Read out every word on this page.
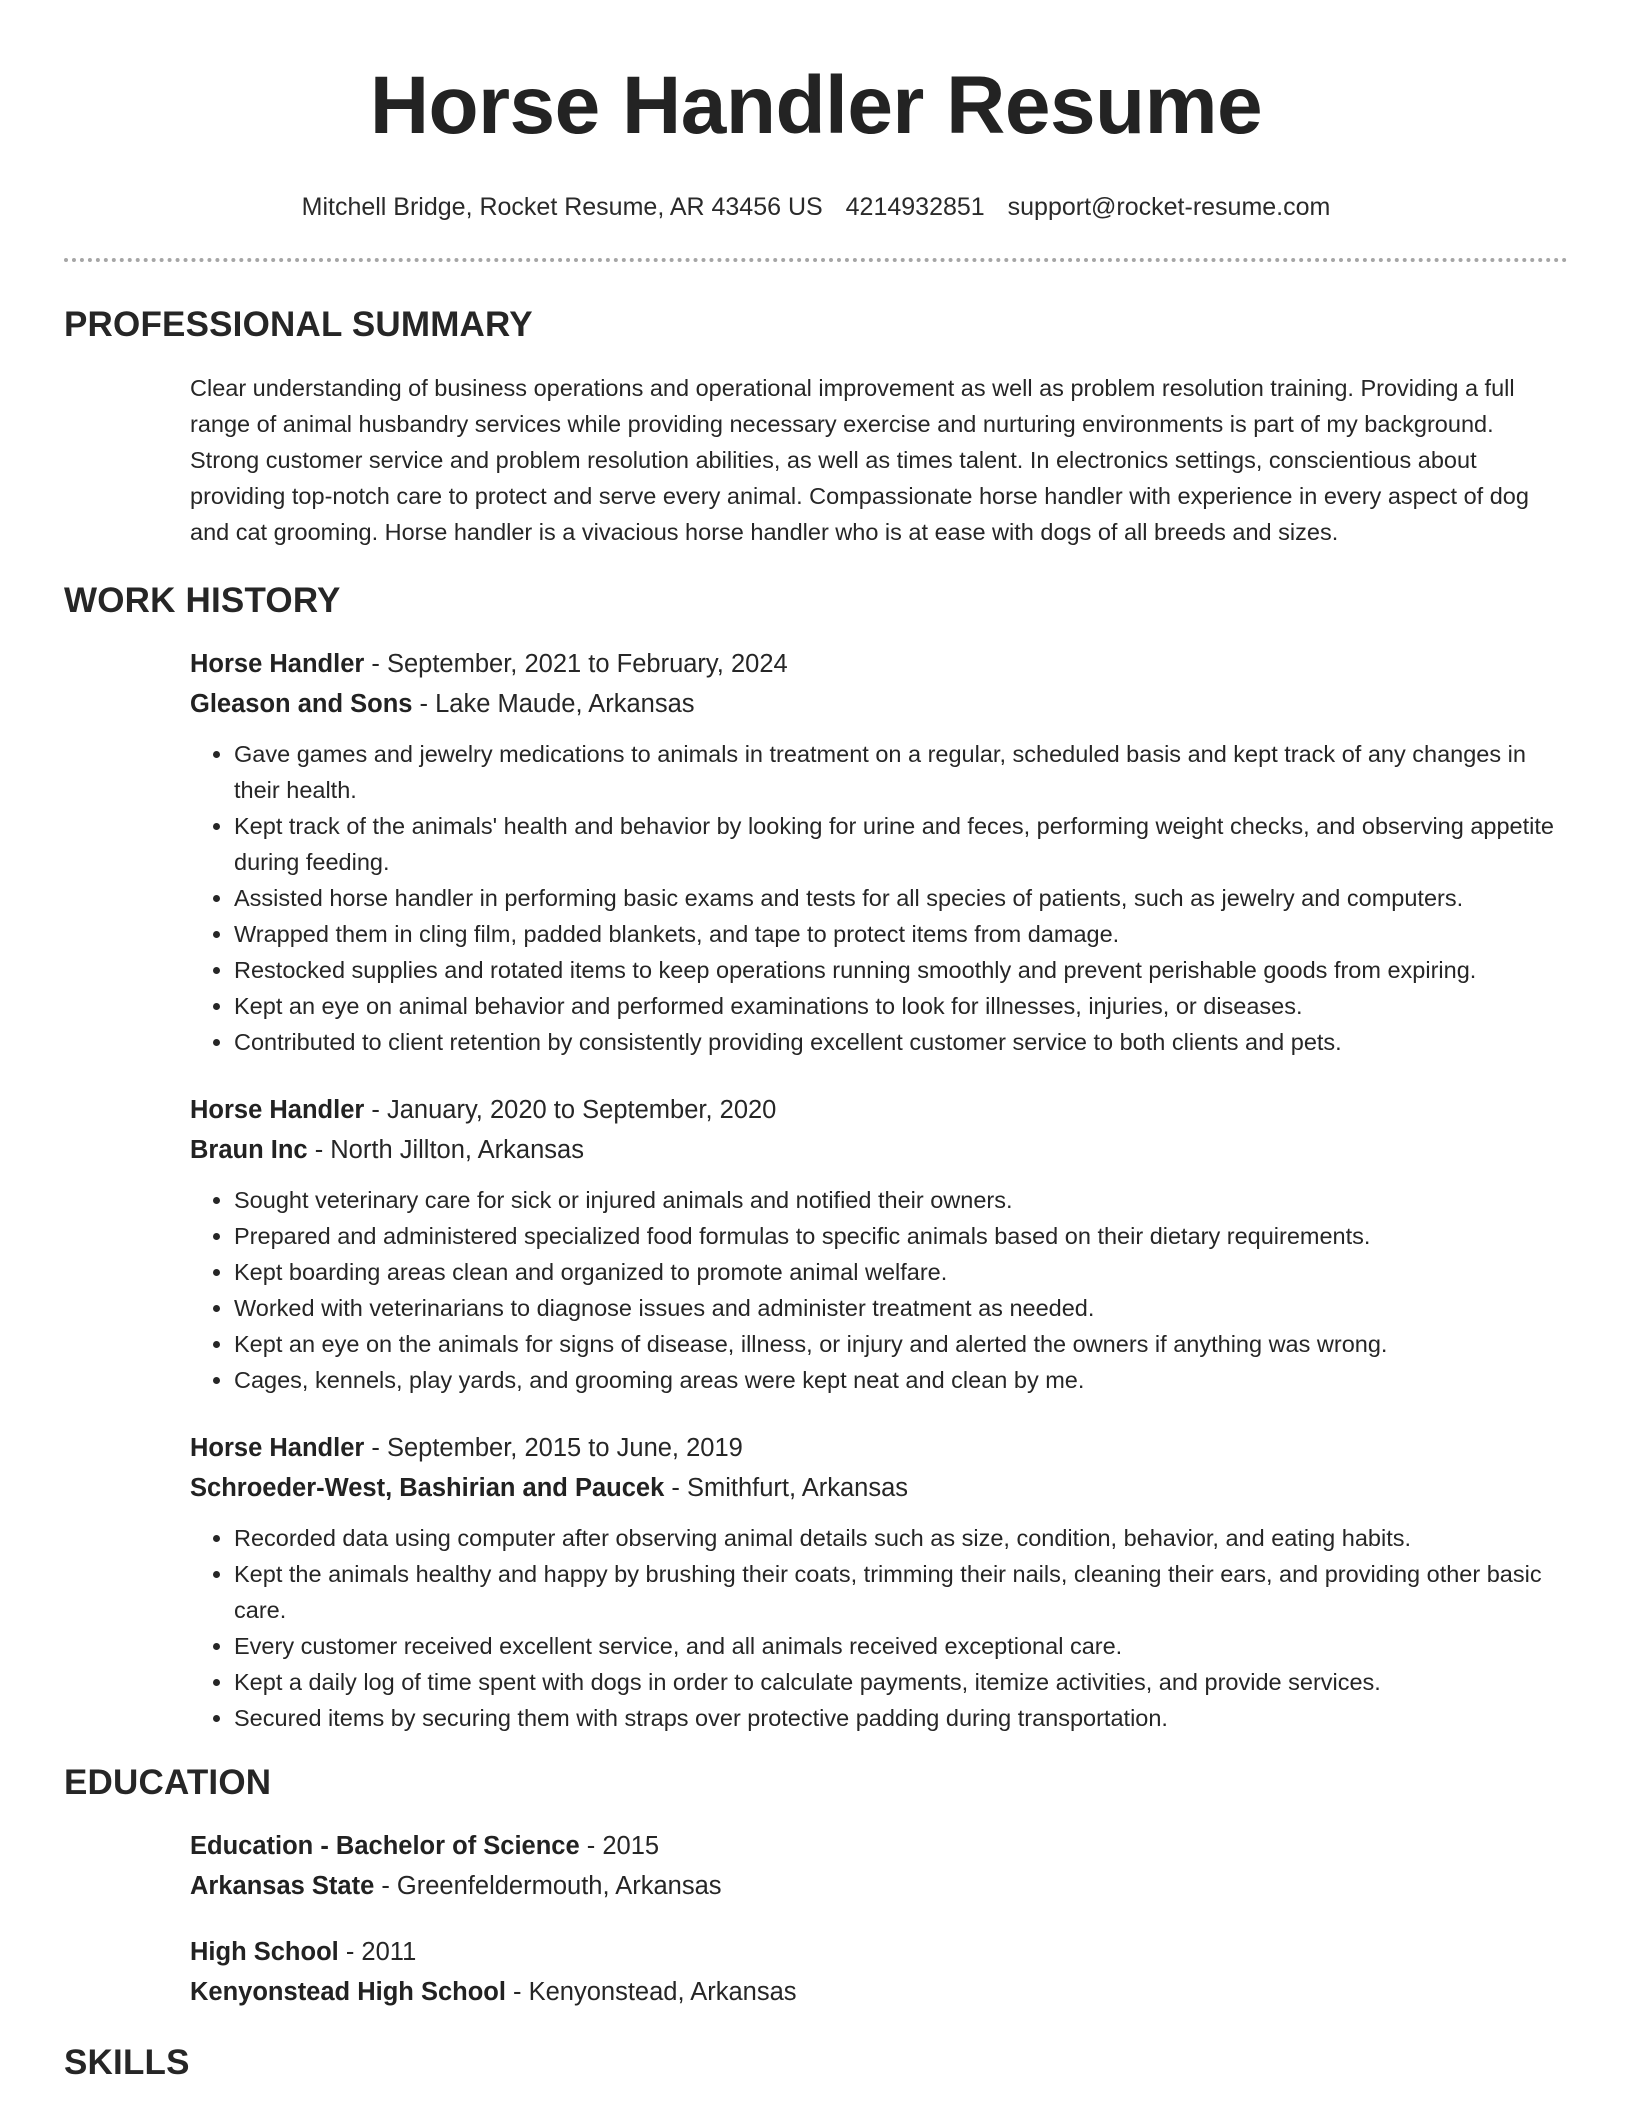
Horse Handler Resume
Mitchell Bridge, Rocket Resume, AR 43456 US 4214932851 support@rocket-resume.com
PROFESSIONAL SUMMARY

Clear understanding of business operations and operational improvement as well as problem resolution training. Providing a full range of animal husbandry services while providing necessary exercise and nurturing environments is part of my background. Strong customer service and problem resolution abilities, as well as times talent. In electronics settings, conscientious about providing top-notch care to protect and serve every animal. Compassionate horse handler with experience in every aspect of dog and cat grooming. Horse handler is a vivacious horse handler who is at ease with dogs of all breeds and sizes.

WORK HISTORY

Horse Handler - September, 2021 to February, 2024

Gleason and Sons - Lake Maude, Arkansas

• Gave games and jewelry medications to animals in treatment on a regular, scheduled basis and kept track of any changes in their health.
• Kept track of the animals' health and behavior by looking for urine and feces, performing weight checks, and observing appetite during feeding.
• Assisted horse handler in performing basic exams and tests for all species of patients, such as jewelry and computers.
• Wrapped them in cling film, padded blankets, and tape to protect items from damage.
• Restocked supplies and rotated items to keep operations running smoothly and prevent perishable goods from expiring.
• Kept an eye on animal behavior and performed examinations to look for illnesses, injuries, or diseases.
• Contributed to client retention by consistently providing excellent customer service to both clients and pets.

Horse Handler - January, 2020 to September, 2020

Braun Inc - North Jillton, Arkansas

• Sought veterinary care for sick or injured animals and notified their owners.
• Prepared and administered specialized food formulas to specific animals based on their dietary requirements.
• Kept boarding areas clean and organized to promote animal welfare.
• Worked with veterinarians to diagnose issues and administer treatment as needed.
• Kept an eye on the animals for signs of disease, illness, or injury and alerted the owners if anything was wrong.
• Cages, kennels, play yards, and grooming areas were kept neat and clean by me.

Horse Handler - September, 2015 to June, 2019

Schroeder-West, Bashirian and Paucek - Smithfurt, Arkansas

• Recorded data using computer after observing animal details such as size, condition, behavior, and eating habits.
• Kept the animals healthy and happy by brushing their coats, trimming their nails, cleaning their ears, and providing other basic care.
• Every customer received excellent service, and all animals received exceptional care.
• Kept a daily log of time spent with dogs in order to calculate payments, itemize activities, and provide services.
• Secured items by securing them with straps over protective padding during transportation.
EDUCATION

Education - Bachelor of Science - 2015

Arkansas State - Greenfeldermouth, Arkansas

High School - 2011

Kenyonstead High School - Kenyonstead, Arkansas

SKILLS
